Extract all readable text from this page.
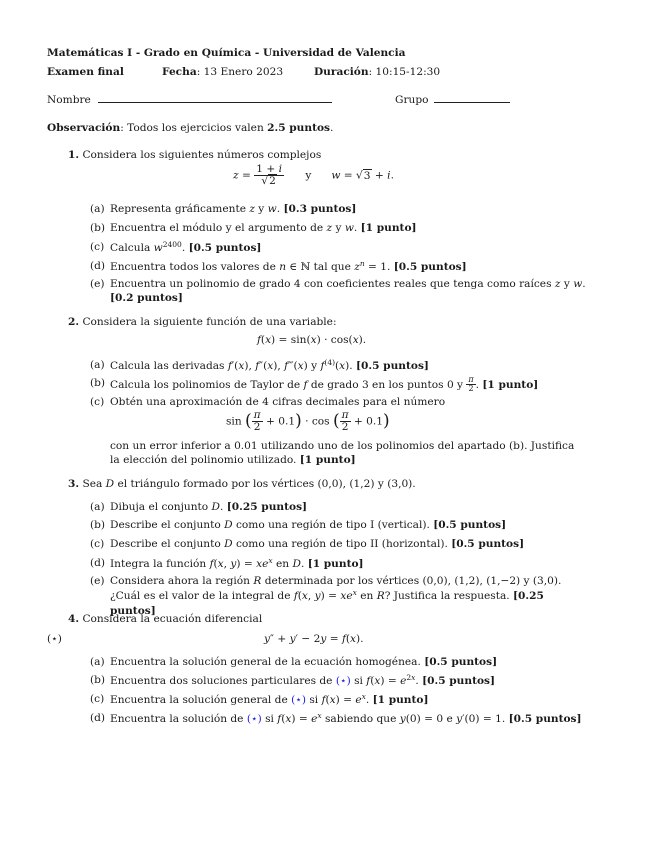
Matemáticas I - Grado en Química - Universidad de Valencia
Examen final	Fecha: 13 Enero 2023	Duración: 10:15-12:30
Nombre	Grupo
Observación: Todos los ejercicios valen 2.5 puntos.
1. Considera los siguientes números complejos
$z = \frac{1 + i}{√2}$ y w = √3 + i.
(a) Representa gráficamente z y w. [0.3 puntos]
(b) Encuentra el módulo y el argumento de z y w. [1 punto]
(c) Calcula $w^{2400}$. [0.5 puntos]
(d) Encuentra todos los valores de n ∈ ℕ tal que $z^n = 1$. [0.5 puntos]
(e) Encuentra un polinomio de grado 4 con coeficientes reales que tenga como raíces z y w.
[0.2 puntos]
2. Considera la siguiente función de una variable:
f(x) = sin(x) · cos(x).
(a) Calcula las derivadas f′(x), f″(x), f‴(x) y $f^{(4)}(x)$. [0.5 puntos]
(b) Calcula los polinomios de Taylor de f de grado 3 en los puntos 0 y $\frac{\pi}{2}$ . [1 punto]
(c) Obtén una aproximación de 4 cifras decimales para el número
sin ( $\frac{\pi}{2} + 0.1) \cdot \cos$ ( $\frac{\pi}{2} + 0.1$)
con un error inferior a 0.01 utilizando uno de los polinomios del apartado (b). Justifica la elección del polinomio utilizado. [1 punto]
3. Sea D el triángulo formado por los vértices (0,0), (1,2) y (3,0).
(a) Dibuja el conjunto D. [0.25 puntos]
(b) Describe el conjunto D como una región de tipo I (vertical). [0.5 puntos]
(c) Describe el conjunto D como una región de tipo II (horizontal). [0.5 puntos]
(d) Integra la función f(x, $y) = xe^x$ en D. [1 punto]
(e) Considera ahora la región R determinada por los vértices (0,0), (1,2), (1,−2) y (3,0). ¿Cuál es el valor de la integral de f(x, $y) = xe^x$ en R? Justifica la respuesta. [0.25 puntos]
4. Considera la ecuación diferencial
(⋆)	y″ + y′ − 2y = f(x).
(a) Encuentra la solución general de la ecuación homogénea. [0.5 puntos]
(b) Encuentra dos soluciones particulares de (⋆) si $f(x) = e^{2x}$. [0.5 puntos]
(c) Encuentra la solución general de (⋆) si $f(x) = e^x$. [1 punto]
(d) Encuentra la solución de (⋆) si $f(x) = e^x$ sabiendo que y(0) = 0 e y′(0) = 1. [0.5 puntos]
